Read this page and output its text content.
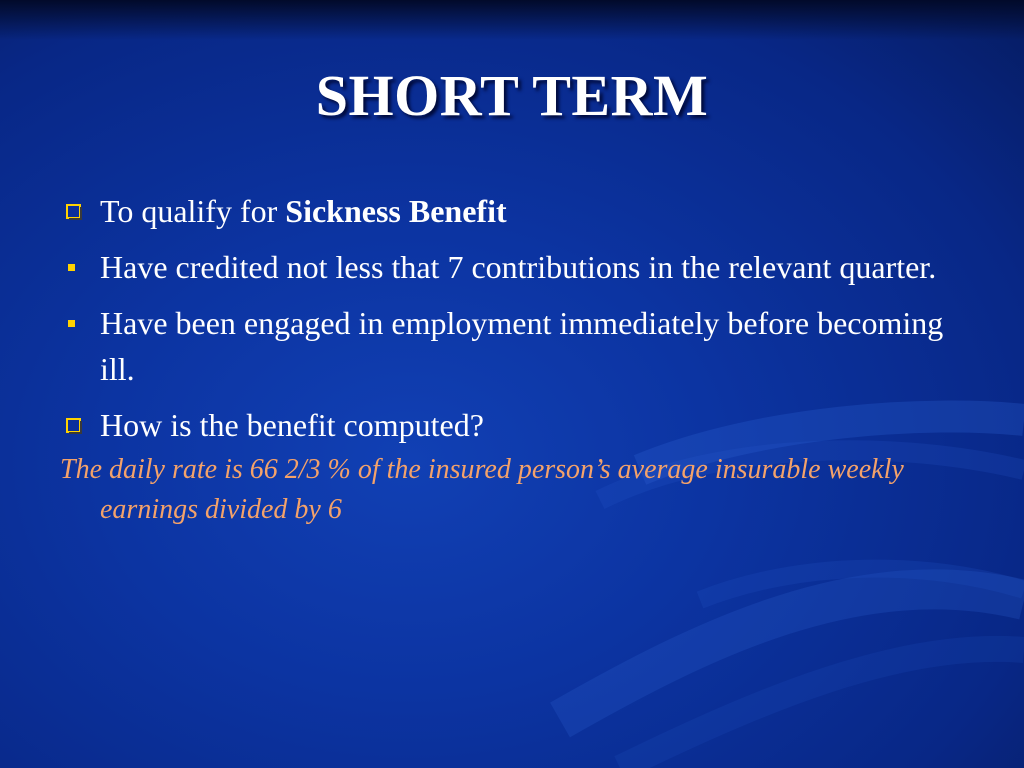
SHORT TERM
To qualify for Sickness Benefit
Have credited not less that 7 contributions in the relevant quarter.
Have been engaged in employment immediately before becoming ill.
How is the benefit computed?
The daily rate is 66 2/3 % of the insured person’s average insurable weekly earnings divided by 6
